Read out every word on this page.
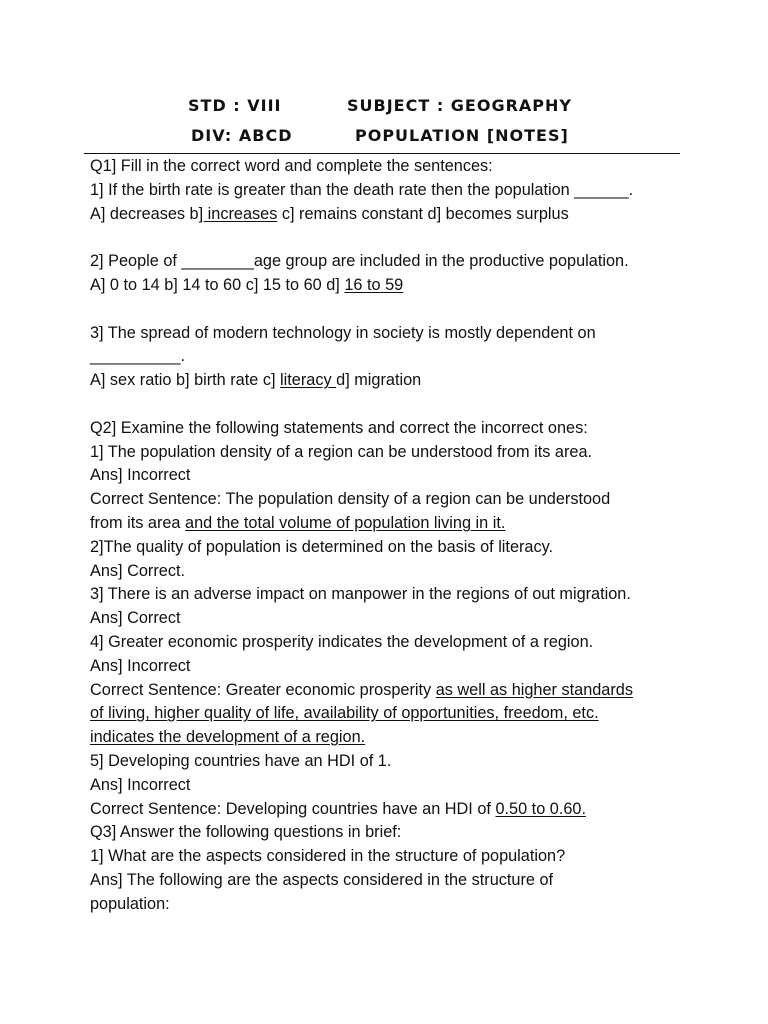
STD : VIII	SUBJECT : GEOGRAPHY
DIV: ABCD	POPULATION [NOTES]

Q1] Fill in the correct word and complete the sentences:

1] If the birth rate is greater than the death rate then the population ______.

A] decreases b] increases c] remains constant d] becomes surplus

2] People of ________age group are included in the productive population.

A] 0 to 14 b] 14 to 60 c] 15 to 60 d] 16 to 59

3] The spread of modern technology in society is mostly dependent on

__________.

A] sex ratio b] birth rate c] literacy d] migration

Q2] Examine the following statements and correct the incorrect ones:

1] The population density of a region can be understood from its area.

Ans] Incorrect

Correct Sentence: The population density of a region can be understood

from its area and the total volume of population living in it.

2]The quality of population is determined on the basis of literacy.

Ans] Correct.

3] There is an adverse impact on manpower in the regions of out migration.

Ans] Correct

4] Greater economic prosperity indicates the development of a region.

Ans] Incorrect

Correct Sentence: Greater economic prosperity as well as higher standards

of living, higher quality of life, availability of opportunities, freedom, etc.

indicates the development of a region.

5] Developing countries have an HDI of 1.

Ans] Incorrect

Correct Sentence: Developing countries have an HDI of 0.50 to 0.60.

Q3] Answer the following questions in brief:

1] What are the aspects considered in the structure of population?

Ans] The following are the aspects considered in the structure of

population:
